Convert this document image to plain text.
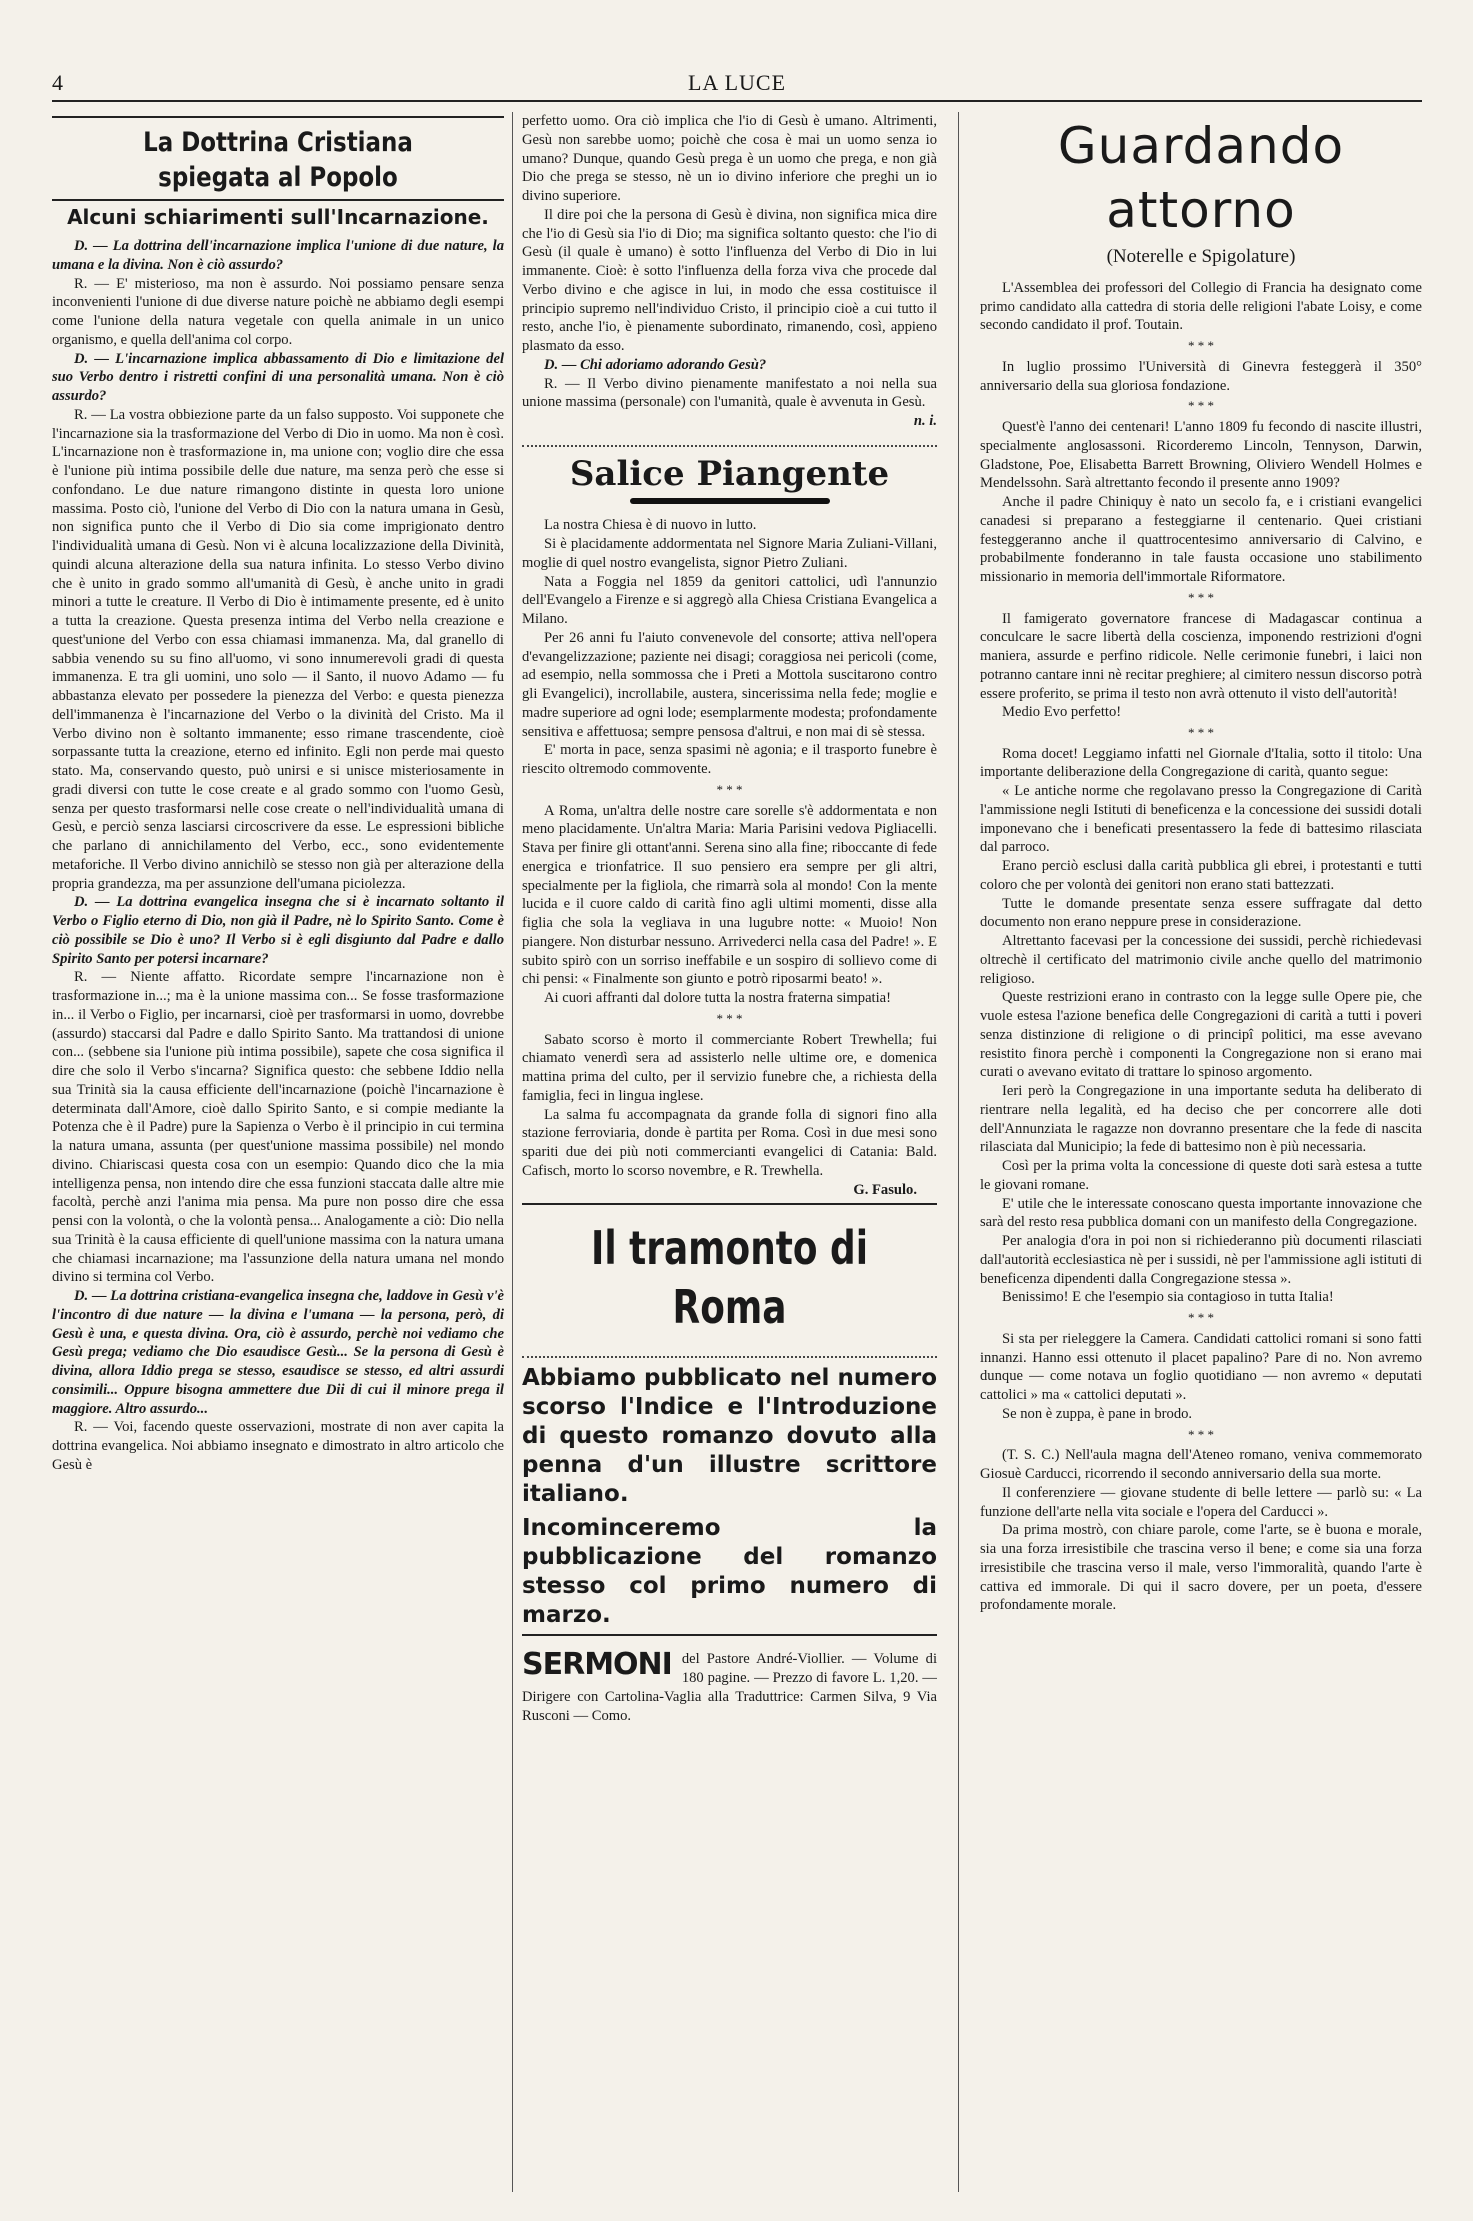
4	LA LUCE
La Dottrina Cristiana spiegata al Popolo
Alcuni schiarimenti sull'Incarnazione.

D. — La dottrina dell'incarnazione implica l'unione di due nature, la umana e la divina. Non è ciò assurdo?

R. — E' misterioso, ma non è assurdo. Noi possiamo pensare senza inconvenienti l'unione di due diverse nature poichè ne abbiamo degli esempi come l'unione della natura vegetale con quella animale in un unico organismo, e quella dell'anima col corpo.

D. — L'incarnazione implica abbassamento di Dio e limitazione del suo Verbo dentro i ristretti confini di una personalità umana. Non è ciò assurdo?

R. — La vostra obbiezione parte da un falso supposto. Voi supponete che l'incarnazione sia la trasformazione del Verbo di Dio in uomo. Ma non è così. L'incarnazione non è trasformazione in, ma unione con; voglio dire che essa è l'unione più intima possibile delle due nature, ma senza però che esse si confondano. Le due nature rimangono distinte in questa loro unione massima. Posto ciò, l'unione del Verbo di Dio con la natura umana in Gesù, non significa punto che il Verbo di Dio sia come imprigionato dentro l'individualità umana di Gesù. Non vi è alcuna localizzazione della Divinità, quindi alcuna alterazione della sua natura infinita. Lo stesso Verbo divino che è unito in grado sommo all'umanità di Gesù, è anche unito in gradi minori a tutte le creature. Il Verbo di Dio è intimamente presente, ed è unito a tutta la creazione. Questa presenza intima del Verbo nella creazione e quest'unione del Verbo con essa chiamasi immanenza. Ma, dal granello di sabbia venendo su su fino all'uomo, vi sono innumerevoli gradi di questa immanenza. E tra gli uomini, uno solo — il Santo, il nuovo Adamo — fu abbastanza elevato per possedere la pienezza del Verbo: e questa pienezza dell'immanenza è l'incarnazione del Verbo o la divinità del Cristo. Ma il Verbo divino non è soltanto immanente; esso rimane trascendente, cioè sorpassante tutta la creazione, eterno ed infinito. Egli non perde mai questo stato. Ma, conservando questo, può unirsi e si unisce misteriosamente in gradi diversi con tutte le cose create e al grado sommo con l'uomo Gesù, senza per questo trasformarsi nelle cose create o nell'individualità umana di Gesù, e perciò senza lasciarsi circoscrivere da esse. Le espressioni bibliche che parlano di annichilamento del Verbo, ecc., sono evidentemente metaforiche. Il Verbo divino annichilò se stesso non già per alterazione della propria grandezza, ma per assunzione dell'umana piciolezza.

D. — La dottrina evangelica insegna che si è incarnato soltanto il Verbo o Figlio eterno di Dio, non già il Padre, nè lo Spirito Santo. Come è ciò possibile se Dio è uno? Il Verbo si è egli disgiunto dal Padre e dallo Spirito Santo per potersi incarnare?

R. — Niente affatto. Ricordate sempre l'incarnazione non è trasformazione in...; ma è la unione massima con... Se fosse trasformazione in... il Verbo o Figlio, per incarnarsi, cioè per trasformarsi in uomo, dovrebbe (assurdo) staccarsi dal Padre e dallo Spirito Santo. Ma trattandosi di unione con... (sebbene sia l'unione più intima possibile), sapete che cosa significa il dire che solo il Verbo s'incarna? Significa questo: che sebbene Iddio nella sua Trinità sia la causa efficiente dell'incarnazione (poichè l'incarnazione è determinata dall'Amore, cioè dallo Spirito Santo, e si compie mediante la Potenza che è il Padre) pure la Sapienza o Verbo è il principio in cui termina la natura umana, assunta (per quest'unione massima possibile) nel mondo divino. Chiariscasi questa cosa con un esempio: Quando dico che la mia intelligenza pensa, non intendo dire che essa funzioni staccata dalle altre mie facoltà, perchè anzi l'anima mia pensa. Ma pure non posso dire che essa pensi con la volontà, o che la volontà pensa... Analogamente a ciò: Dio nella sua Trinità è la causa efficiente di quell'unione massima con la natura umana che chiamasi incarnazione; ma l'assunzione della natura umana nel mondo divino si termina col Verbo.

D. — La dottrina cristiana-evangelica insegna che, laddove in Gesù v'è l'incontro di due nature — la divina e l'umana — la persona, però, di Gesù è una, e questa divina. Ora, ciò è assurdo, perchè noi vediamo che Gesù prega; vediamo che Dio esaudisce Gesù... Se la persona di Gesù è divina, allora Iddio prega se stesso, esaudisce se stesso, ed altri assurdi consimili... Oppure bisogna ammettere due Dii di cui il minore prega il maggiore. Altro assurdo...

R. — Voi, facendo queste osservazioni, mostrate di non aver capita la dottrina evangelica. Noi abbiamo insegnato e dimostrato in altro articolo che Gesù è

perfetto uomo. Ora ciò implica che l'io di Gesù è umano. Altrimenti, Gesù non sarebbe uomo; poichè che cosa è mai un uomo senza io umano? Dunque, quando Gesù prega è un uomo che prega, e non già Dio che prega se stesso, nè un io divino inferiore che preghi un io divino superiore.

Il dire poi che la persona di Gesù è divina, non significa mica dire che l'io di Gesù sia l'io di Dio; ma significa soltanto questo: che l'io di Gesù (il quale è umano) è sotto l'influenza del Verbo di Dio in lui immanente. Cioè: è sotto l'influenza della forza viva che procede dal Verbo divino e che agisce in lui, in modo che essa costituisce il principio supremo nell'individuo Cristo, il principio cioè a cui tutto il resto, anche l'io, è pienamente subordinato, rimanendo, così, appieno plasmato da esso.

D. — Chi adoriamo adorando Gesù?

R. — Il Verbo divino pienamente manifestato a noi nella sua unione massima (personale) con l'umanità, quale è avvenuta in Gesù.

n. i.
Salice Piangente

La nostra Chiesa è di nuovo in lutto.

Si è placidamente addormentata nel Signore Maria Zuliani-Villani, moglie di quel nostro evangelista, signor Pietro Zuliani.

Nata a Foggia nel 1859 da genitori cattolici, udì l'annunzio dell'Evangelo a Firenze e si aggregò alla Chiesa Cristiana Evangelica a Milano.

Per 26 anni fu l'aiuto convenevole del consorte; attiva nell'opera d'evangelizzazione; paziente nei disagi; coraggiosa nei pericoli (come, ad esempio, nella sommossa che i Preti a Mottola suscitarono contro gli Evangelici), incrollabile, austera, sincerissima nella fede; moglie e madre superiore ad ogni lode; esemplarmente modesta; profondamente sensitiva e affettuosa; sempre pensosa d'altrui, e non mai di sè stessa.

E' morta in pace, senza spasimi nè agonia; e il trasporto funebre è riescito oltremodo commovente.

* * *

A Roma, un'altra delle nostre care sorelle s'è addormentata e non meno placidamente. Un'altra Maria: Maria Parisini vedova Pigliacelli. Stava per finire gli ottant'anni. Serena sino alla fine; riboccante di fede energica e trionfatrice. Il suo pensiero era sempre per gli altri, specialmente per la figliola, che rimarrà sola al mondo! Con la mente lucida e il cuore caldo di carità fino agli ultimi momenti, disse alla figlia che sola la vegliava in una lugubre notte: « Muoio! Non piangere. Non disturbar nessuno. Arrivederci nella casa del Padre! ». E subito spirò con un sorriso ineffabile e un sospiro di sollievo come di chi pensi: « Finalmente son giunto e potrò riposarmi beato! ».

Ai cuori affranti dal dolore tutta la nostra fraterna simpatia!

* * *

Sabato scorso è morto il commerciante Robert Trewhella; fui chiamato venerdì sera ad assisterlo nelle ultime ore, e domenica mattina prima del culto, per il servizio funebre che, a richiesta della famiglia, feci in lingua inglese.

La salma fu accompagnata da grande folla di signori fino alla stazione ferroviaria, donde è partita per Roma. Così in due mesi sono spariti due dei più noti commercianti evangelici di Catania: Bald. Cafisch, morto lo scorso novembre, e R. Trewhella.

G. Fasulo.
Il tramonto di Roma
Abbiamo pubblicato nel numero scorso l'Indice e l'Introduzione di questo romanzo dovuto alla penna d'un illustre scrittore italiano.
Incominceremo la pubblicazione del romanzo stesso col primo numero di marzo.
SERMONI del Pastore André-Viollier. — Volume di 180 pagine. — Prezzo di favore L. 1,20. — Dirigere con Cartolina-Vaglia alla Traduttrice: Carmen Silva, 9 Via Rusconi — Como.
Guardando attorno
(Noterelle e Spigolature)

L'Assemblea dei professori del Collegio di Francia ha designato come primo candidato alla cattedra di storia delle religioni l'abate Loisy, e come secondo candidato il prof. Toutain.

* * *

In luglio prossimo l'Università di Ginevra festeggerà il 350° anniversario della sua gloriosa fondazione.

* * *

Quest'è l'anno dei centenari! L'anno 1809 fu fecondo di nascite illustri, specialmente anglosassoni. Ricorderemo Lincoln, Tennyson, Darwin, Gladstone, Poe, Elisabetta Barrett Browning, Oliviero Wendell Holmes e Mendelssohn. Sarà altrettanto fecondo il presente anno 1909?

Anche il padre Chiniquy è nato un secolo fa, e i cristiani evangelici canadesi si preparano a festeggiarne il centenario. Quei cristiani festeggeranno anche il quattrocentesimo anniversario di Calvino, e probabilmente fonderanno in tale fausta occasione uno stabilimento missionario in memoria dell'immortale Riformatore.

* * *

Il famigerato governatore francese di Madagascar continua a conculcare le sacre libertà della coscienza, imponendo restrizioni d'ogni maniera, assurde e perfino ridicole. Nelle cerimonie funebri, i laici non potranno cantare inni nè recitar preghiere; al cimitero nessun discorso potrà essere proferito, se prima il testo non avrà ottenuto il visto dell'autorità!

Medio Evo perfetto!

* * *

Roma docet! Leggiamo infatti nel Giornale d'Italia, sotto il titolo: Una importante deliberazione della Congregazione di carità, quanto segue:

« Le antiche norme che regolavano presso la Congregazione di Carità l'ammissione negli Istituti di beneficenza e la concessione dei sussidi dotali imponevano che i beneficati presentassero la fede di battesimo rilasciata dal parroco.

Erano perciò esclusi dalla carità pubblica gli ebrei, i protestanti e tutti coloro che per volontà dei genitori non erano stati battezzati.

Tutte le domande presentate senza essere suffragate dal detto documento non erano neppure prese in considerazione.

Altrettanto facevasi per la concessione dei sussidi, perchè richiedevasi oltrechè il certificato del matrimonio civile anche quello del matrimonio religioso.

Queste restrizioni erano in contrasto con la legge sulle Opere pie, che vuole estesa l'azione benefica delle Congregazioni di carità a tutti i poveri senza distinzione di religione o di principî politici, ma esse avevano resistito finora perchè i componenti la Congregazione non si erano mai curati o avevano evitato di trattare lo spinoso argomento.

Ieri però la Congregazione in una importante seduta ha deliberato di rientrare nella legalità, ed ha deciso che per concorrere alle doti dell'Annunziata le ragazze non dovranno presentare che la fede di nascita rilasciata dal Municipio; la fede di battesimo non è più necessaria.

Così per la prima volta la concessione di queste doti sarà estesa a tutte le giovani romane.

E' utile che le interessate conoscano questa importante innovazione che sarà del resto resa pubblica domani con un manifesto della Congregazione.

Per analogia d'ora in poi non si richiederanno più documenti rilasciati dall'autorità ecclesiastica nè per i sussidi, nè per l'ammissione agli istituti di beneficenza dipendenti dalla Congregazione stessa ».

Benissimo! E che l'esempio sia contagioso in tutta Italia!

* * *

Si sta per rieleggere la Camera. Candidati cattolici romani si sono fatti innanzi. Hanno essi ottenuto il placet papalino? Pare di no. Non avremo dunque — come notava un foglio quotidiano — non avremo « deputati cattolici » ma « cattolici deputati ».

Se non è zuppa, è pane in brodo.

* * *

(T. S. C.) Nell'aula magna dell'Ateneo romano, veniva commemorato Giosuè Carducci, ricorrendo il secondo anniversario della sua morte.

Il conferenziere — giovane studente di belle lettere — parlò su: « La funzione dell'arte nella vita sociale e l'opera del Carducci ».

Da prima mostrò, con chiare parole, come l'arte, se è buona e morale, sia una forza irresistibile che trascina verso il bene; e come sia una forza irresistibile che trascina verso il male, verso l'immoralità, quando l'arte è cattiva ed immorale. Di qui il sacro dovere, per un poeta, d'essere profondamente morale.
